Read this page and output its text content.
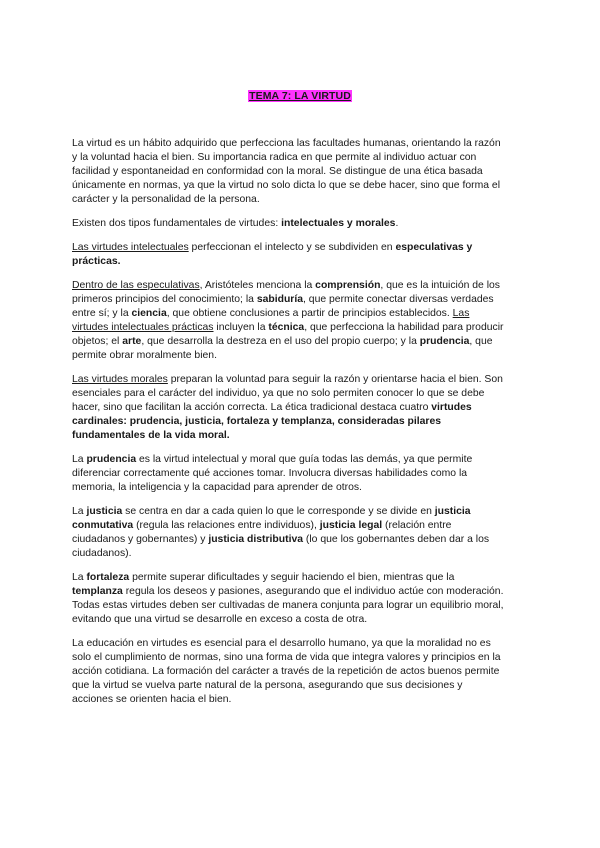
TEMA 7: LA VIRTUD

La virtud es un hábito adquirido que perfecciona las facultades humanas, orientando la razón y la voluntad hacia el bien. Su importancia radica en que permite al individuo actuar con facilidad y espontaneidad en conformidad con la moral. Se distingue de una ética basada únicamente en normas, ya que la virtud no solo dicta lo que se debe hacer, sino que forma el carácter y la personalidad de la persona.

Existen dos tipos fundamentales de virtudes: intelectuales y morales.

Las virtudes intelectuales perfeccionan el intelecto y se subdividen en especulativas y prácticas.

Dentro de las especulativas, Aristóteles menciona la comprensión, que es la intuición de los primeros principios del conocimiento; la sabiduría, que permite conectar diversas verdades entre sí; y la ciencia, que obtiene conclusiones a partir de principios establecidos. Las virtudes intelectuales prácticas incluyen la técnica, que perfecciona la habilidad para producir objetos; el arte, que desarrolla la destreza en el uso del propio cuerpo; y la prudencia, que permite obrar moralmente bien.

Las virtudes morales preparan la voluntad para seguir la razón y orientarse hacia el bien. Son esenciales para el carácter del individuo, ya que no solo permiten conocer lo que se debe hacer, sino que facilitan la acción correcta. La ética tradicional destaca cuatro virtudes cardinales: prudencia, justicia, fortaleza y templanza, consideradas pilares fundamentales de la vida moral.

La prudencia es la virtud intelectual y moral que guía todas las demás, ya que permite diferenciar correctamente qué acciones tomar. Involucra diversas habilidades como la memoria, la inteligencia y la capacidad para aprender de otros.

La justicia se centra en dar a cada quien lo que le corresponde y se divide en justicia conmutativa (regula las relaciones entre individuos), justicia legal (relación entre ciudadanos y gobernantes) y justicia distributiva (lo que los gobernantes deben dar a los ciudadanos).

La fortaleza permite superar dificultades y seguir haciendo el bien, mientras que la templanza regula los deseos y pasiones, asegurando que el individuo actúe con moderación. Todas estas virtudes deben ser cultivadas de manera conjunta para lograr un equilibrio moral, evitando que una virtud se desarrolle en exceso a costa de otra.

La educación en virtudes es esencial para el desarrollo humano, ya que la moralidad no es solo el cumplimiento de normas, sino una forma de vida que integra valores y principios en la acción cotidiana. La formación del carácter a través de la repetición de actos buenos permite que la virtud se vuelva parte natural de la persona, asegurando que sus decisiones y acciones se orienten hacia el bien.
